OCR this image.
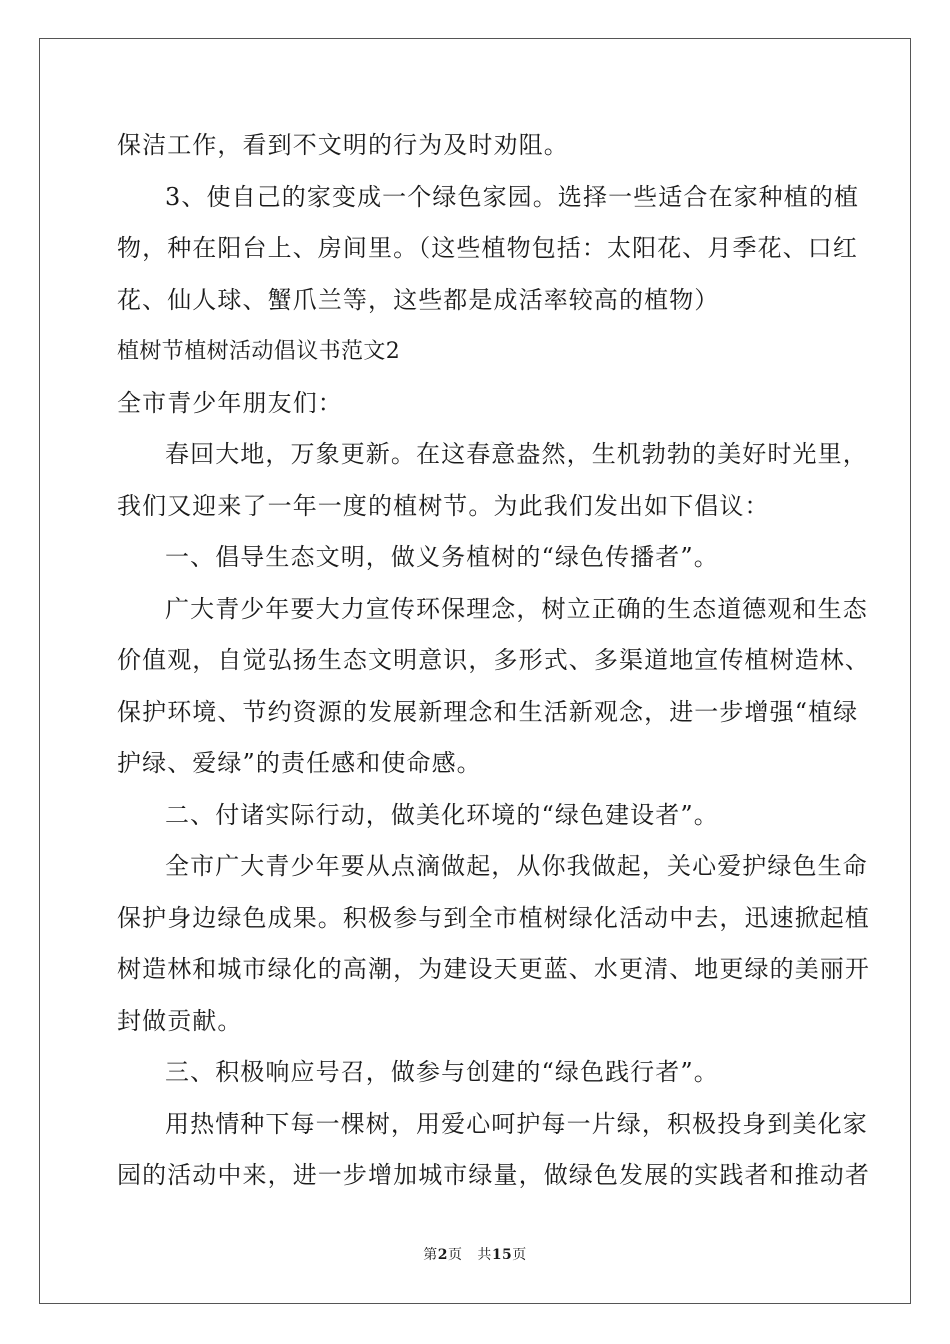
保洁工作，看到不文明的行为及时劝阻。
3、使自己的家变成一个绿色家园。选择一些适合在家种植的植
物，种在阳台上、房间里。（这些植物包括：太阳花、月季花、口红
花、仙人球、蟹爪兰等，这些都是成活率较高的植物）
植树节植树活动倡议书范文2
全市青少年朋友们：
春回大地，万象更新。在这春意盎然，生机勃勃的美好时光里，
我们又迎来了一年一度的植树节。为此我们发出如下倡议：
一、倡导生态文明，做义务植树的“绿色传播者”。
广大青少年要大力宣传环保理念，树立正确的生态道德观和生态
价值观，自觉弘扬生态文明意识，多形式、多渠道地宣传植树造林、
保护环境、节约资源的发展新理念和生活新观念，进一步增强“植绿
护绿、爱绿”的责任感和使命感。
二、付诸实际行动，做美化环境的“绿色建设者”。
全市广大青少年要从点滴做起，从你我做起，关心爱护绿色生命
保护身边绿色成果。积极参与到全市植树绿化活动中去，迅速掀起植
树造林和城市绿化的高潮，为建设天更蓝、水更清、地更绿的美丽开
封做贡献。
三、积极响应号召，做参与创建的“绿色践行者”。
用热情种下每一棵树，用爱心呵护每一片绿，积极投身到美化家
园的活动中来，进一步增加城市绿量，做绿色发展的实践者和推动者
第2页 共15页
